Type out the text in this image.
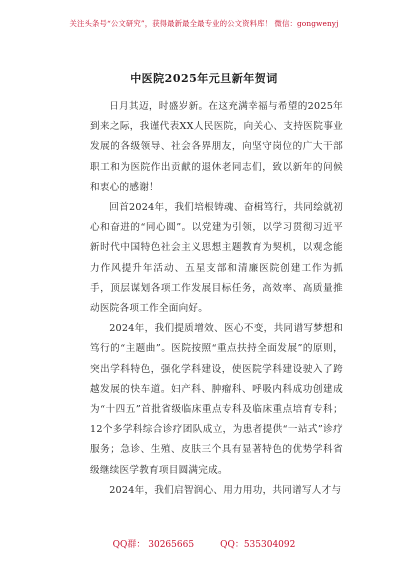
关注头条号“公文研究”，获得最新最全最专业的公文资料库！ 微信：gongwenyj
中医院2025年元旦新年贺词

日月其迈，时盛岁新。在这充满幸福与希望的2025年到来之际，我谨代表XX人民医院，向关心、支持医院事业发展的各级领导、社会各界朋友，向坚守岗位的广大干部职工和为医院作出贡献的退休老同志们，致以新年的问候和衷心的感谢！

回首2024年，我们培根铸魂、奋楫笃行，共同绘就初心和奋进的“同心圆”。以党建为引领，以学习贯彻习近平新时代中国特色社会主义思想主题教育为契机，以观念能力作风提升年活动、五星支部和清廉医院创建工作为抓手，顶层谋划各项工作发展目标任务，高效率、高质量推动医院各项工作全面向好。

2024年，我们提质增效、医心不变，共同谱写梦想和笃行的“主题曲”。医院按照“重点扶持全面发展”的原则，突出学科特色，强化学科建设，使医院学科建设驶入了跨越发展的快车道。妇产科、肿瘤科、呼吸内科成功创建成为“十四五”首批省级临床重点专科及临床重点培育专科；12个多学科综合诊疗团队成立，为患者提供“一站式”诊疗服务；急诊、生殖、皮肤三个具有显著特色的优势学科省级继续医学教育项目圆满完成。

2024年，我们启智润心、用力用功，共同谱写人才与

QQ群： 30265665	QQ：535304092
